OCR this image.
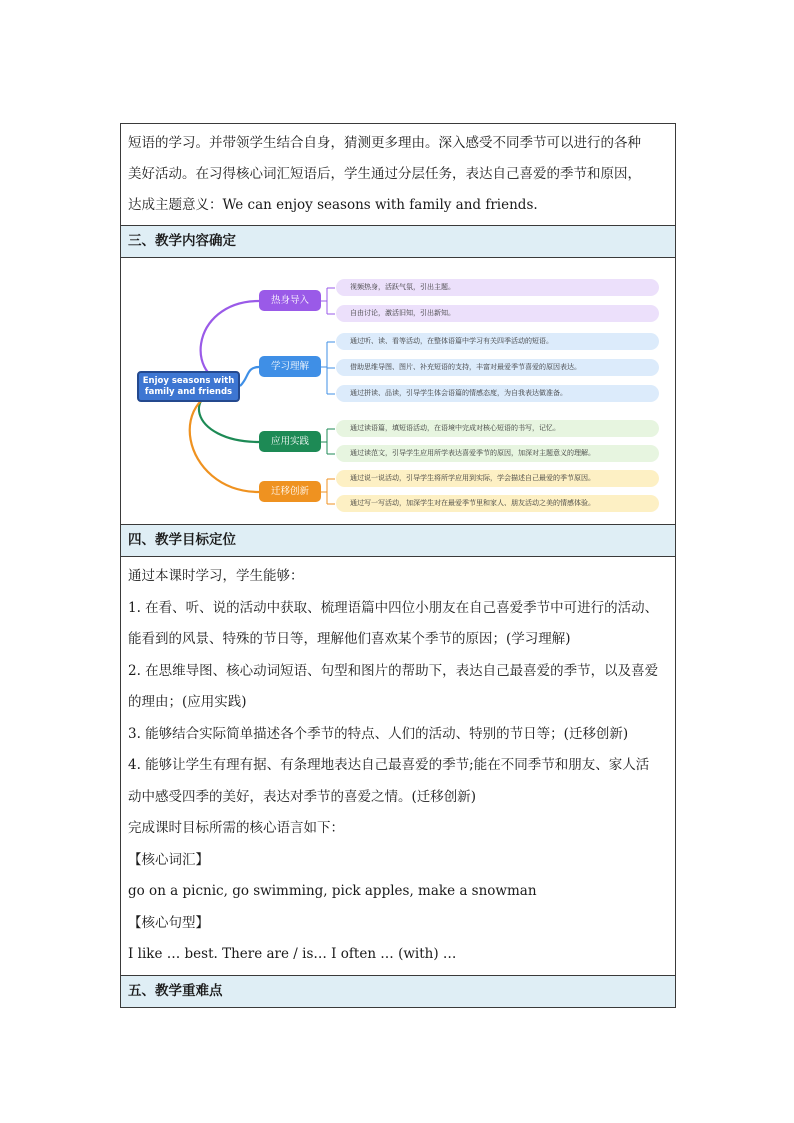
短语的学习。并带领学生结合自身，猜测更多理由。深入感受不同季节可以进行的各种

美好活动。在习得核心词汇短语后，学生通过分层任务，表达自己喜爱的季节和原因，

达成主题意义：We can enjoy seasons with family and friends.

三、教学内容确定
Enjoy seasons with
family and friends
热身导入
学习理解
应用实践
迁移创新
视频热身，活跃气氛，引出主题。
自由讨论，激活旧知，引出新知。
通过听、读、看等活动，在整体语篇中学习有关四季活动的短语。
借助思维导图、图片、补充短语的支持，丰富对最爱季节喜爱的原因表达。
通过拼读、品读，引导学生体会语篇的情感态度，为自我表达做准备。
通过读语篇，填短语活动，在语境中完成对核心短语的书写，记忆。
通过读范文，引导学生应用所学表达喜爱季节的原因，加深对主题意义的理解。
通过说一说活动，引导学生将所学应用到实际，学会描述自己最爱的季节原因。
通过写一写活动，加深学生对在最爱季节里和家人、朋友活动之美的情感体验。
四、教学目标定位

通过本课时学习，学生能够：

1. 在看、听、说的活动中获取、梳理语篇中四位小朋友在自己喜爱季节中可进行的活动、

能看到的风景、特殊的节日等，理解他们喜欢某个季节的原因；(学习理解)

2. 在思维导图、核心动词短语、句型和图片的帮助下，表达自己最喜爱的季节，以及喜爱

的理由；(应用实践)

3. 能够结合实际简单描述各个季节的特点、人们的活动、特别的节日等；(迁移创新)

4. 能够让学生有理有据、有条理地表达自己最喜爱的季节;能在不同季节和朋友、家人活

动中感受四季的美好，表达对季节的喜爱之情。(迁移创新)

完成课时目标所需的核心语言如下：

【核心词汇】

go on a picnic, go swimming, pick apples, make a snowman

【核心句型】

I like … best. There are / is… I often … (with) …

五、教学重难点
